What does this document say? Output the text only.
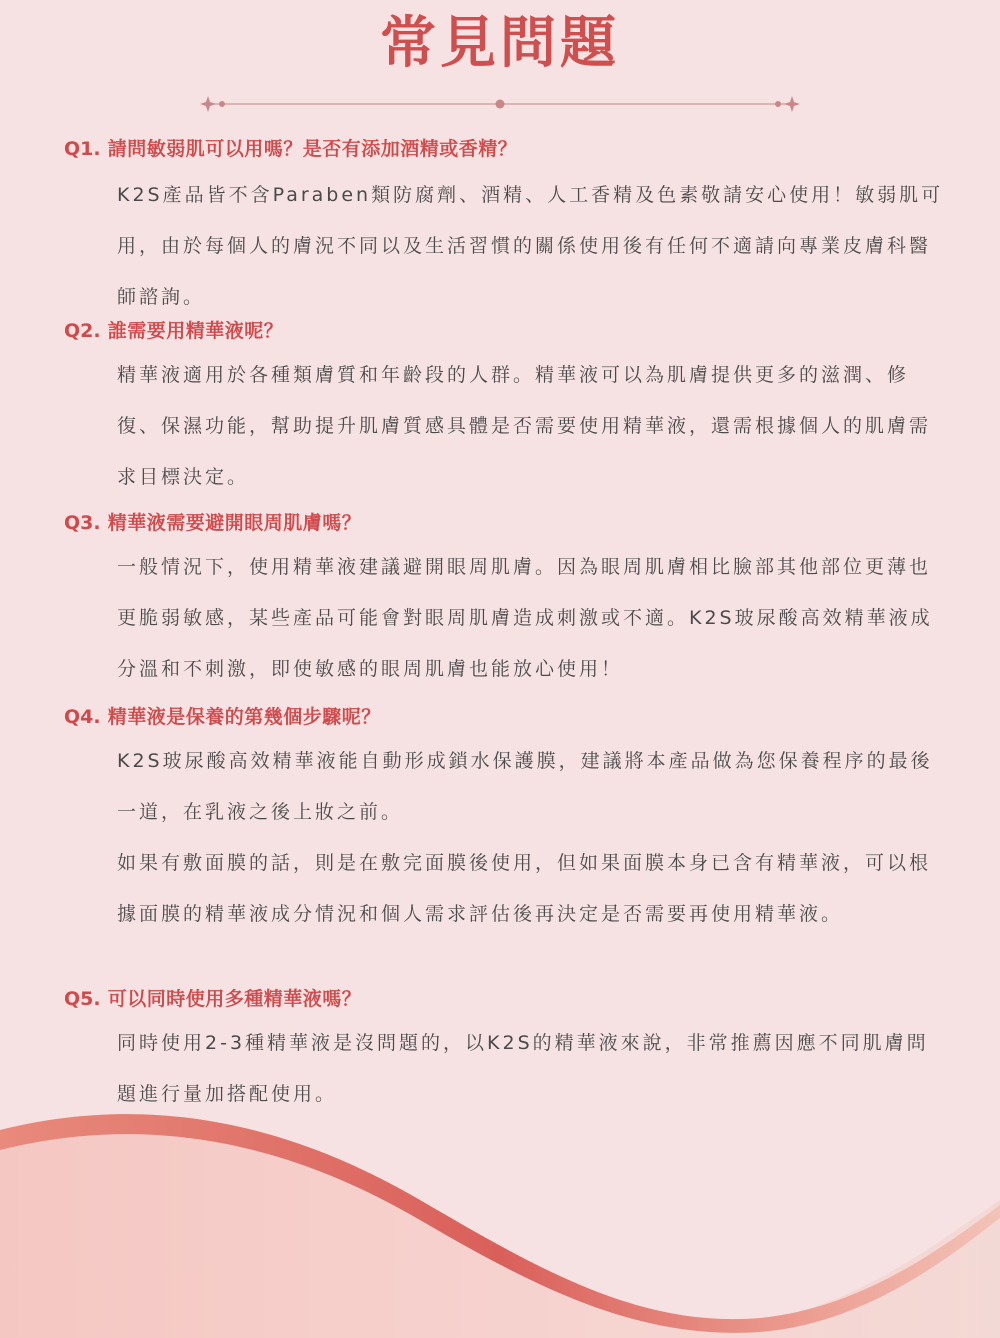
常見問題
Q1. 請問敏弱肌可以用嗎？是否有添加酒精或香精？

K2S產品皆不含Paraben類防腐劑、酒精、人工香精及色素敬請安心使用！敏弱肌可用，由於每個人的膚況不同以及生活習慣的關係使用後有任何不適請向專業皮膚科醫師諮詢。

Q2. 誰需要用精華液呢？

精華液適用於各種類膚質和年齡段的人群。精華液可以為肌膚提供更多的滋潤、修復、保濕功能，幫助提升肌膚質感具體是否需要使用精華液，還需根據個人的肌膚需求目標決定。

Q3. 精華液需要避開眼周肌膚嗎？

一般情況下，使用精華液建議避開眼周肌膚。因為眼周肌膚相比臉部其他部位更薄也更脆弱敏感，某些產品可能會對眼周肌膚造成刺激或不適。K2S玻尿酸高效精華液成分溫和不刺激，即使敏感的眼周肌膚也能放心使用！

Q4. 精華液是保養的第幾個步驟呢？

K2S玻尿酸高效精華液能自動形成鎖水保護膜，建議將本產品做為您保養程序的最後一道，在乳液之後上妝之前。

如果有敷面膜的話，則是在敷完面膜後使用，但如果面膜本身已含有精華液，可以根據面膜的精華液成分情況和個人需求評估後再決定是否需要再使用精華液。

Q5. 可以同時使用多種精華液嗎？

同時使用2-3種精華液是沒問題的，以K2S的精華液來說，非常推薦因應不同肌膚問題進行量加搭配使用。
